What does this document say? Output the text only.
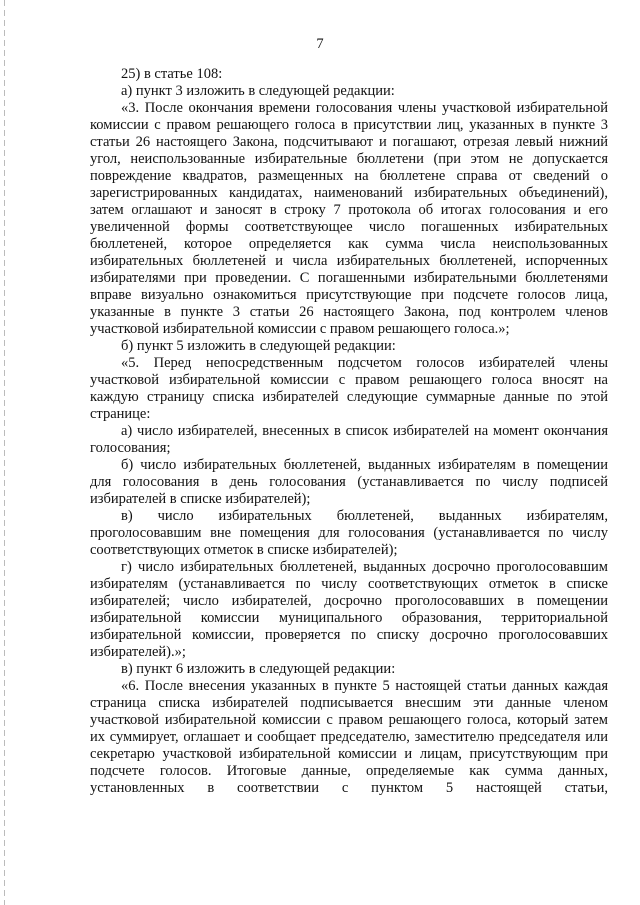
7

25) в статье 108:

а) пункт 3 изложить в следующей редакции:

«3. После окончания времени голосования члены участковой избирательной комиссии с правом решающего голоса в присутствии лиц, указанных в пункте 3 статьи 26 настоящего Закона, подсчитывают и погашают, отрезая левый нижний угол, неиспользованные избирательные бюллетени (при этом не допускается повреждение квадратов, размещенных на бюллетене справа от сведений о зарегистрированных кандидатах, наименований избирательных объединений), затем оглашают и заносят в строку 7 протокола об итогах голосования и его увеличенной формы соответствующее число погашенных избирательных бюллетеней, которое определяется как сумма числа неиспользованных избирательных бюллетеней и числа избирательных бюллетеней, испорченных избирателями при проведении. С погашенными избирательными бюллетенями вправе визуально ознакомиться присутствующие при подсчете голосов лица, указанные в пункте 3 статьи 26 настоящего Закона, под контролем членов участковой избирательной комиссии с правом решающего голоса.»;

б) пункт 5 изложить в следующей редакции:

«5. Перед непосредственным подсчетом голосов избирателей члены участковой избирательной комиссии с правом решающего голоса вносят на каждую страницу списка избирателей следующие суммарные данные по этой странице:

а) число избирателей, внесенных в список избирателей на момент окончания голосования;

б) число избирательных бюллетеней, выданных избирателям в помещении для голосования в день голосования (устанавливается по числу подписей избирателей в списке избирателей);

в) число избирательных бюллетеней, выданных избирателям, проголосовавшим вне помещения для голосования (устанавливается по числу соответствующих отметок в списке избирателей);

г) число избирательных бюллетеней, выданных досрочно проголосовавшим избирателям (устанавливается по числу соответствующих отметок в списке избирателей; число избирателей, досрочно проголосовавших в помещении избирательной комиссии муниципального образования, территориальной избирательной комиссии, проверяется по списку досрочно проголосовавших избирателей).»;

в) пункт 6 изложить в следующей редакции:

«6. После внесения указанных в пункте 5 настоящей статьи данных каждая страница списка избирателей подписывается внесшим эти данные членом участковой избирательной комиссии с правом решающего голоса, который затем их суммирует, оглашает и сообщает председателю, заместителю председателя или секретарю участковой избирательной комиссии и лицам, присутствующим при подсчете голосов. Итоговые данные, определяемые как сумма данных, установленных в соответствии с пунктом 5 настоящей статьи,
